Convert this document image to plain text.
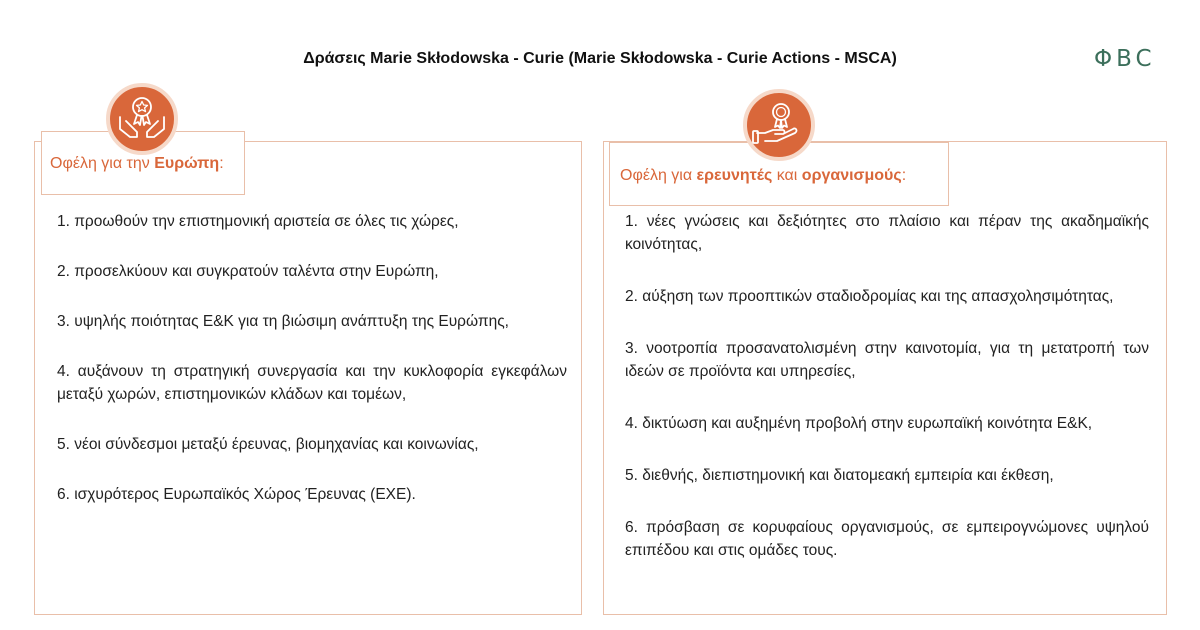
Δράσεις Marie Skłodowska - Curie (Marie Skłodowska - Curie Actions - MSCA)	ΦBC
Οφέλη για την Ευρώπη:
1. προωθούν την επιστημονική αριστεία σε όλες τις χώρες,
2. προσελκύουν και συγκρατούν ταλέντα στην Ευρώπη,
3. υψηλής ποιότητας Ε&Κ για τη βιώσιμη ανάπτυξη της Ευρώπης,
4. αυξάνουν τη στρατηγική συνεργασία και την κυκλοφορία εγκεφάλων μεταξύ χωρών, επιστημονικών κλάδων και τομέων,
5. νέοι σύνδεσμοι μεταξύ έρευνας, βιομηχανίας και κοινωνίας,
6. ισχυρότερος Ευρωπαϊκός Χώρος Έρευνας (ΕΧΕ).
Οφέλη για ερευνητές και οργανισμούς:
1. νέες γνώσεις και δεξιότητες στο πλαίσιο και πέραν της ακαδημαϊκής κοινότητας,
2. αύξηση των προοπτικών σταδιοδρομίας και της απασχολησιμότητας,
3. νοοτροπία προσανατολισμένη στην καινοτομία, για τη μετατροπή των ιδεών σε προϊόντα και υπηρεσίες,
4. δικτύωση και αυξημένη προβολή στην ευρωπαϊκή κοινότητα Ε&Κ,
5. διεθνής, διεπιστημονική και διατομεακή εμπειρία και έκθεση,
6. πρόσβαση σε κορυφαίους οργανισμούς, σε εμπειρογνώμονες υψηλού επιπέδου και στις ομάδες τους.
